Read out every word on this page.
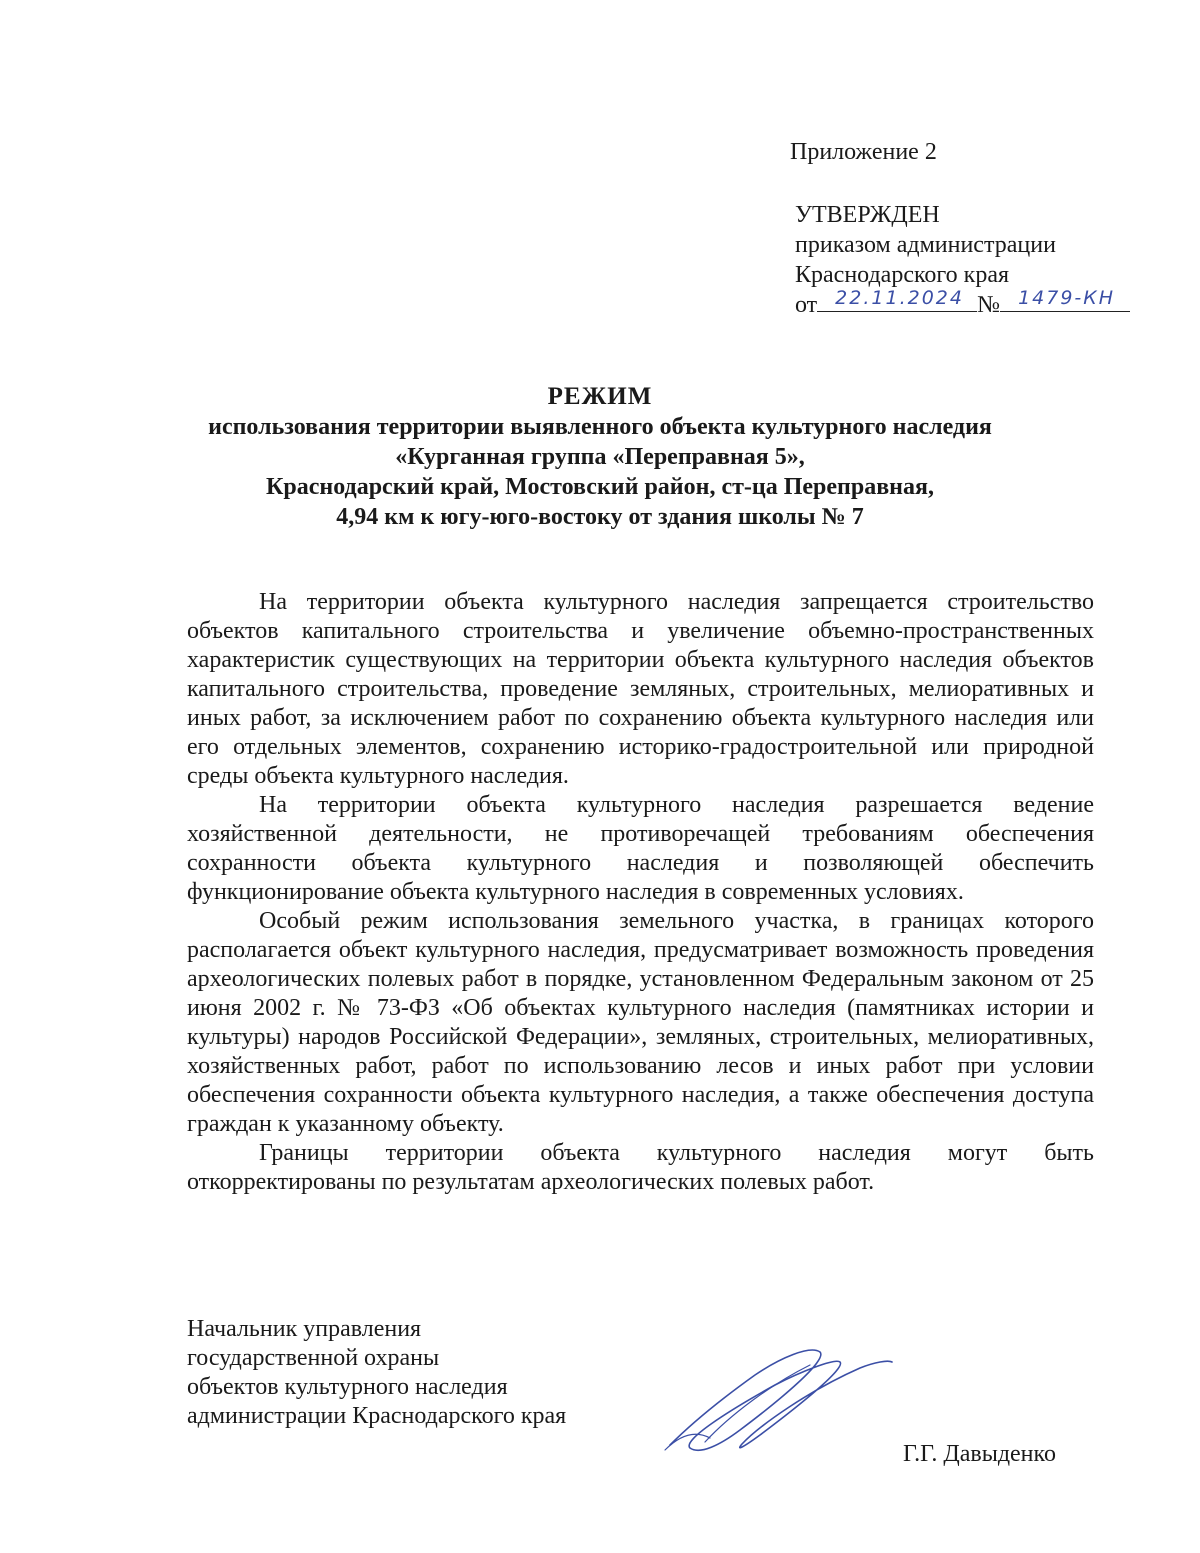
Приложение 2
УТВЕРЖДЕН
приказом администрации
Краснодарского края
от 22.11.2024 № 1479-КН
РЕЖИМ
использования территории выявленного объекта культурного наследия
«Курганная группа «Переправная 5»,
Краснодарский край, Мостовский район, ст-ца Переправная,
4,94 км к югу-юго-востоку от здания школы № 7

На территории объекта культурного наследия запрещается строительство объектов капитального строительства и увеличение объемно-пространственных характеристик существующих на территории объекта культурного наследия объектов капитального строительства, проведение земляных, строительных, мелиоративных и иных работ, за исключением работ по сохранению объекта культурного наследия или его отдельных элементов, сохранению историко-градостроительной или природной среды объекта культурного наследия.

На территории объекта культурного наследия разрешается ведение хозяйственной деятельности, не противоречащей требованиям обеспечения сохранности объекта культурного наследия и позволяющей обеспечить функционирование объекта культурного наследия в современных условиях.

Особый режим использования земельного участка, в границах которого располагается объект культурного наследия, предусматривает возможность проведения археологических полевых работ в порядке, установленном Федеральным законом от 25 июня 2002 г. № 73-ФЗ «Об объектах культурного наследия (памятниках истории и культуры) народов Российской Федерации», земляных, строительных, мелиоративных, хозяйственных работ, работ по использованию лесов и иных работ при условии обеспечения сохранности объекта культурного наследия, а также обеспечения доступа граждан к указанному объекту.

Границы территории объекта культурного наследия могут быть откорректированы по результатам археологических полевых работ.

Начальник управления
государственной охраны
объектов культурного наследия
администрации Краснодарского края
Г.Г. Давыденко
